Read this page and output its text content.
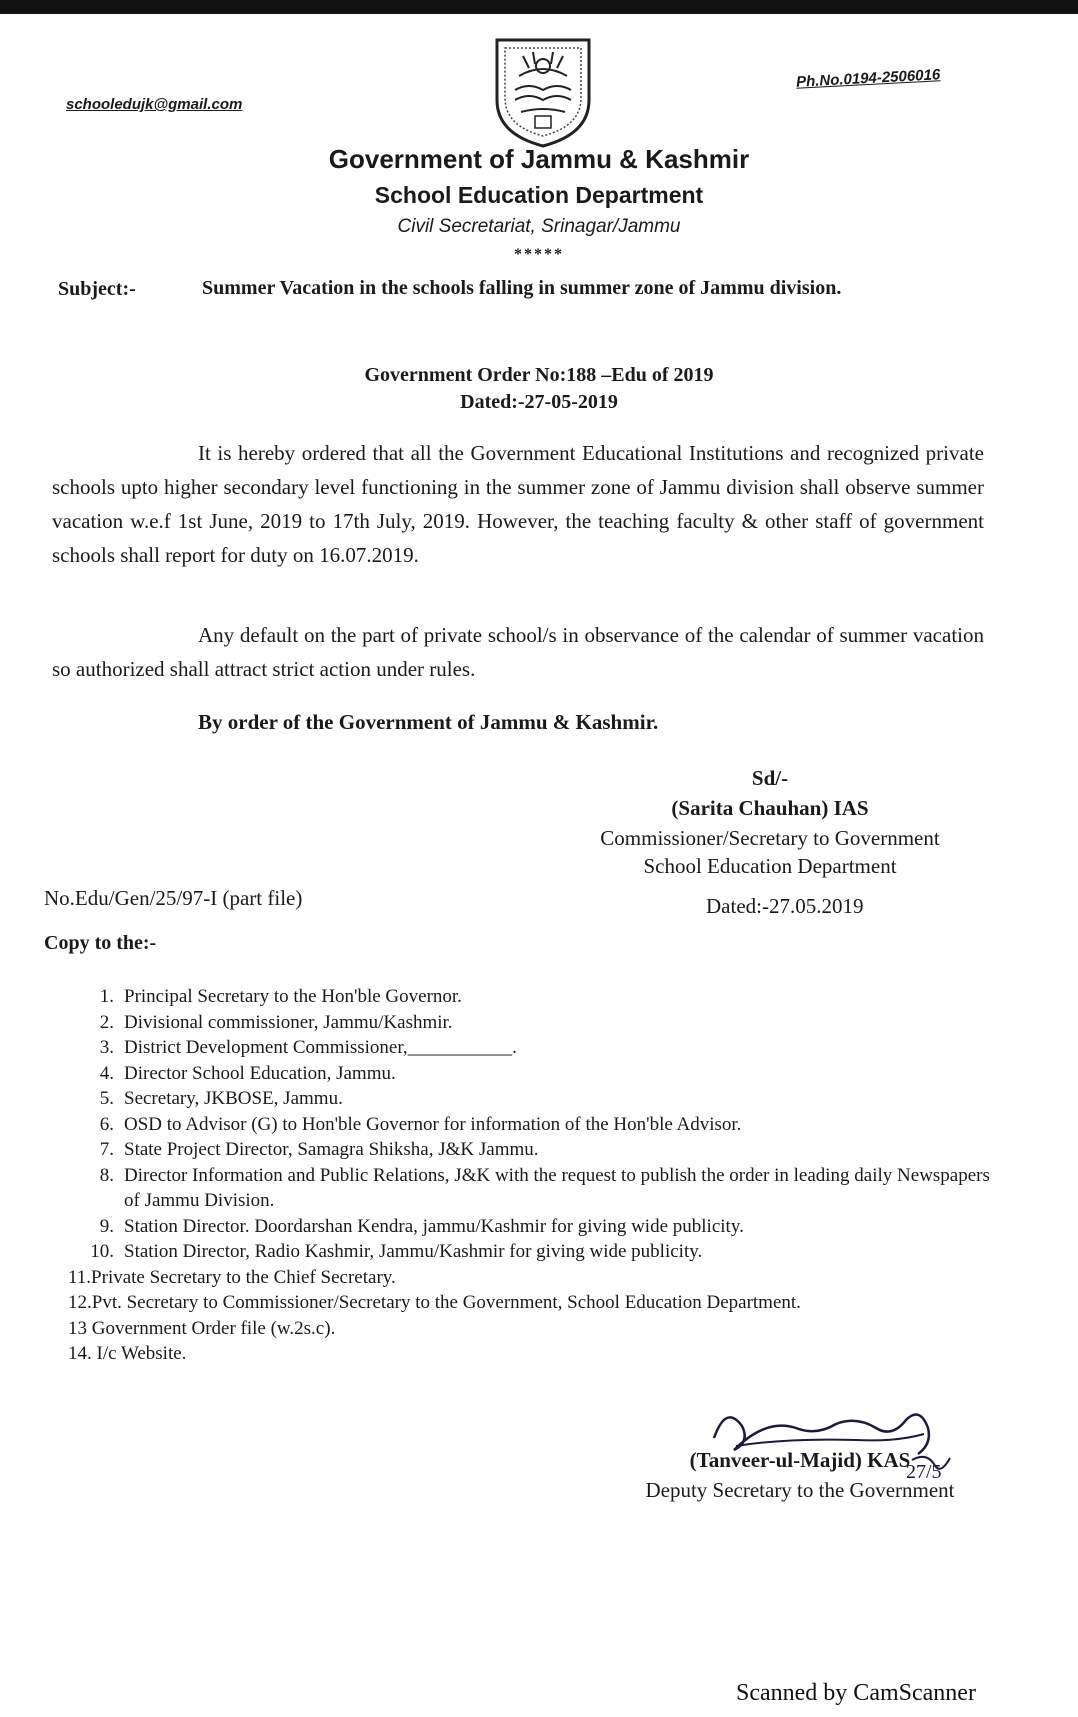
schooledujk@gmail.com
Ph.No.0194-2506016
Government of Jammu & Kashmir
School Education Department
Civil Secretariat, Srinagar/Jammu
*****
Subject:-	Summer Vacation in the schools falling in summer zone of Jammu division.
Government Order No:188 –Edu of 2019
Dated:-27-05-2019

It is hereby ordered that all the Government Educational Institutions and recognized private schools upto higher secondary level functioning in the summer zone of Jammu division shall observe summer vacation w.e.f 1st June, 2019 to 17th July, 2019. However, the teaching faculty & other staff of government schools shall report for duty on 16.07.2019.

Any default on the part of private school/s in observance of the calendar of summer vacation so authorized shall attract strict action under rules.

By order of the Government of Jammu & Kashmir.
Sd/-
(Sarita Chauhan) IAS
Commissioner/Secretary to Government
School Education Department
No.Edu/Gen/25/97-I (part file)	Dated:-27.05.2019
Copy to the:-
1. Principal Secretary to the Hon'ble Governor.
2. Divisional commissioner, Jammu/Kashmir.
3. District Development Commissioner,___________.
4. Director School Education, Jammu.
5. Secretary, JKBOSE, Jammu.
6. OSD to Advisor (G) to Hon'ble Governor for information of the Hon'ble Advisor.
7. State Project Director, Samagra Shiksha, J&K Jammu.
8. Director Information and Public Relations, J&K with the request to publish the order in leading daily Newspapers of Jammu Division.
9. Station Director. Doordarshan Kendra, jammu/Kashmir for giving wide publicity.
10. Station Director, Radio Kashmir, Jammu/Kashmir for giving wide publicity.
11. Private Secretary to the Chief Secretary.
12. Pvt. Secretary to Commissioner/Secretary to the Government, School Education Department.
13
Government Order file (w.2s.c).
14.
I/c Website.
27/5
(Tanveer-ul-Majid) KAS
Deputy Secretary to the Government
Scanned by CamScanner
